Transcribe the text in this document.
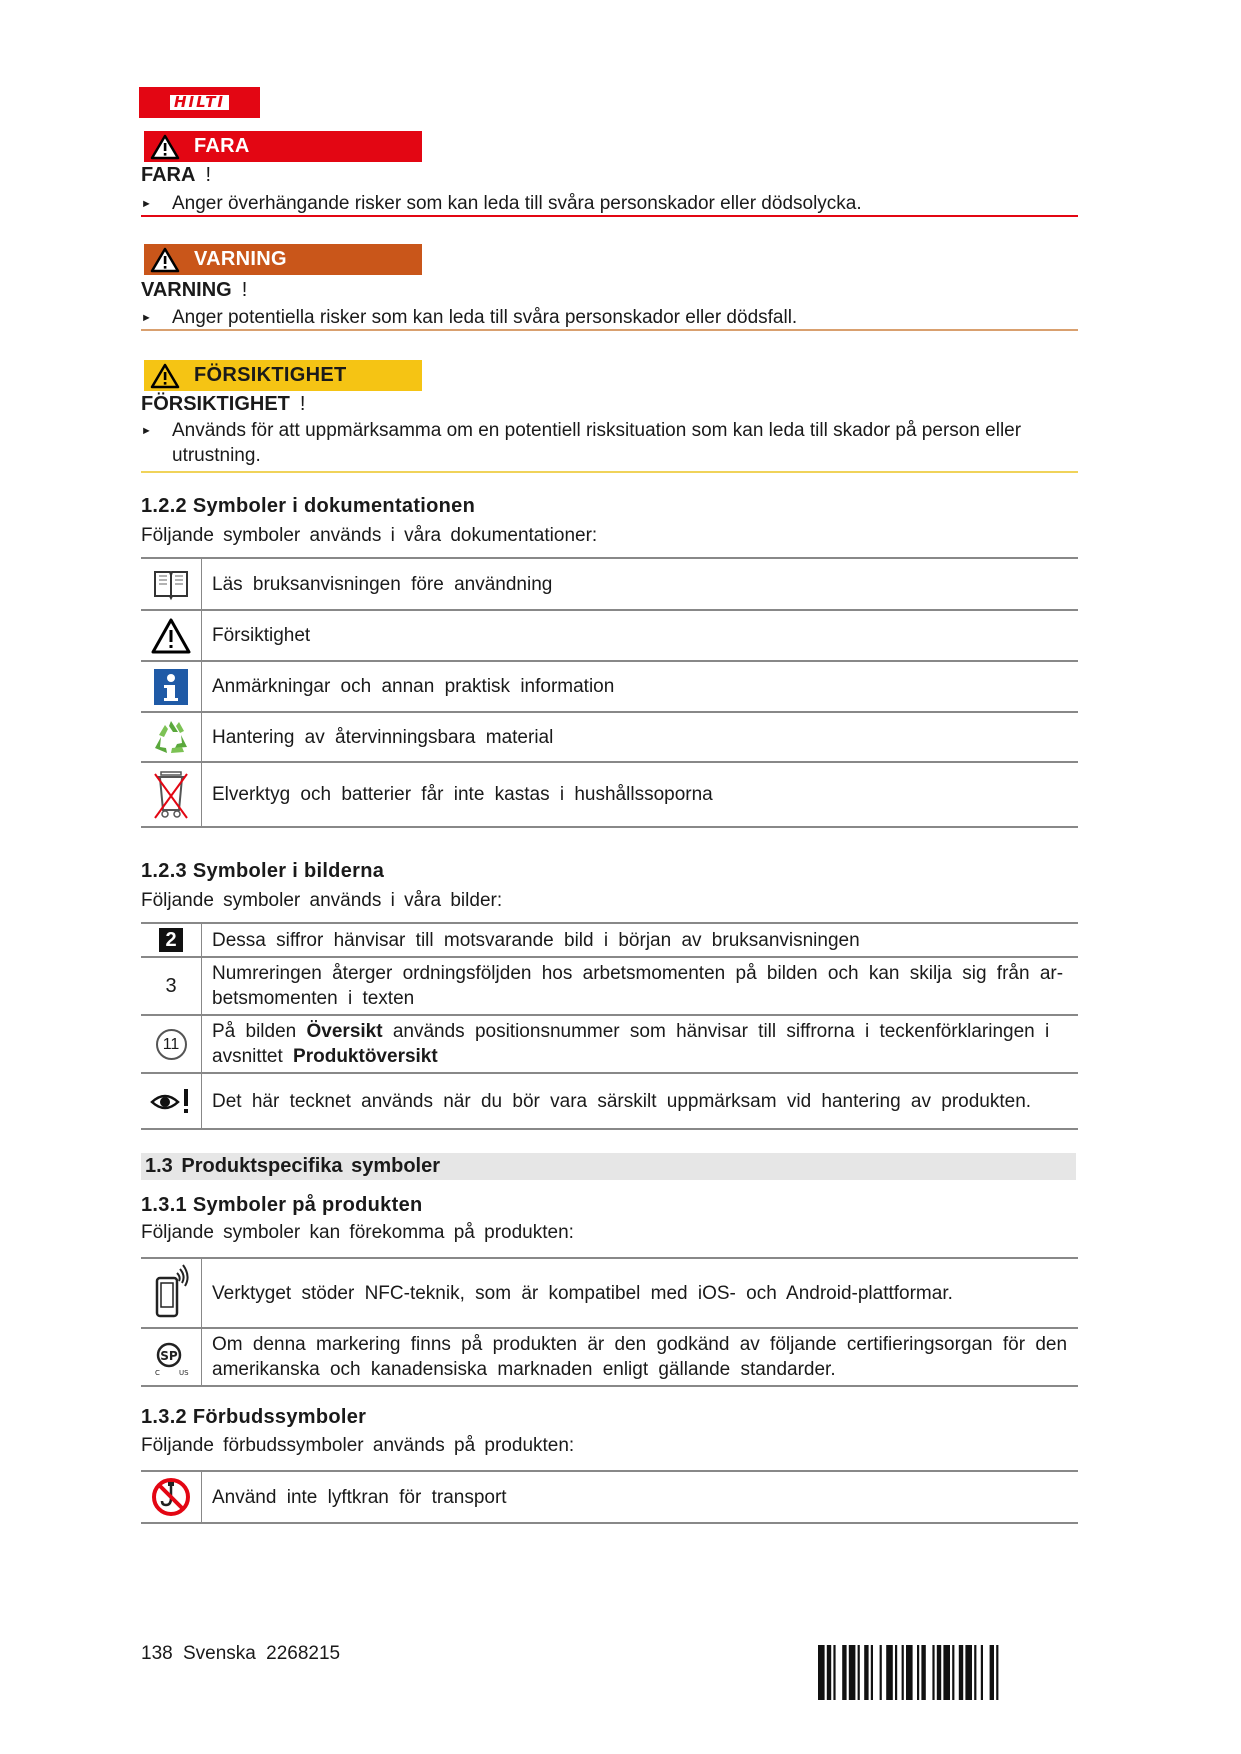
HILTI
FARA
FARA !
►	Anger överhängande risker som kan leda till svåra personskador eller dödsolycka.
VARNING
VARNING !
►	Anger potentiella risker som kan leda till svåra personskador eller dödsfall.
FÖRSIKTIGHET
FÖRSIKTIGHET !
►	Används för att uppmärksamma om en potentiell risksituation som kan leda till skador på person eller
utrustning.
1.2.2 Symboler i dokumentationen
Följande symboler används i våra dokumentationer:
	Läs bruksanvisningen före användning

	Försiktighet

	Anmärkningar och annan praktisk information

	Hantering av återvinningsbara material

	Elverktyg och batterier får inte kastas i hushållssoporna
1.2.3 Symboler i bilderna
Följande symboler används i våra bilder:
2	Dessa siffror hänvisar till motsvarande bild i början av bruksanvisningen
3	Numreringen återger ordningsföljden hos arbetsmomenten på bilden och kan skilja sig från ar-
betsmomenten i texten

11	På bilden Översikt används positionsnummer som hänvisar till siffrorna i teckenförklaringen i
avsnittet Produktöversikt

	Det här tecknet används när du bör vara särskilt uppmärksam vid hantering av produkten.
1.3 Produktspecifika symboler
1.3.1 Symboler på produkten
Följande symboler kan förekomma på produkten:
	Verktyget stöder NFC-teknik, som är kompatibel med iOS- och Android-plattformar.

SP
C US	Om denna markering finns på produkten är den godkänd av följande certifieringsorgan för den
amerikanska och kanadensiska marknaden enligt gällande standarder.
1.3.2 Förbudssymboler
Följande förbudssymboler används på produkten:
	Använd inte lyftkran för transport
138 Svenska 2268215
